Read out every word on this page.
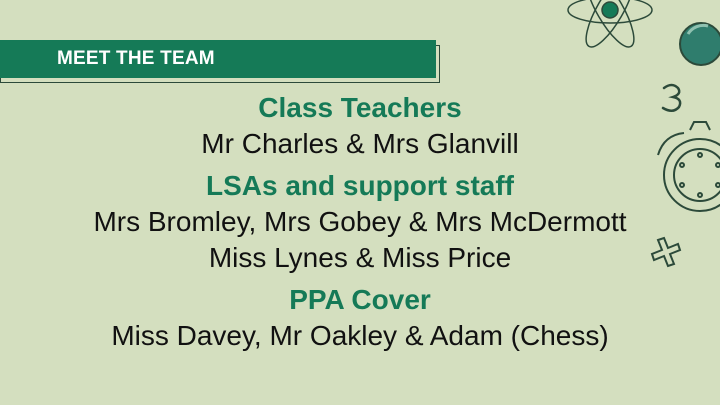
MEET THE TEAM

Class Teachers

Mr Charles & Mrs Glanvill

LSAs and support staff

Mrs Bromley, Mrs Gobey & Mrs McDermott

Miss Lynes & Miss Price

PPA Cover

Miss Davey, Mr Oakley & Adam (Chess)
